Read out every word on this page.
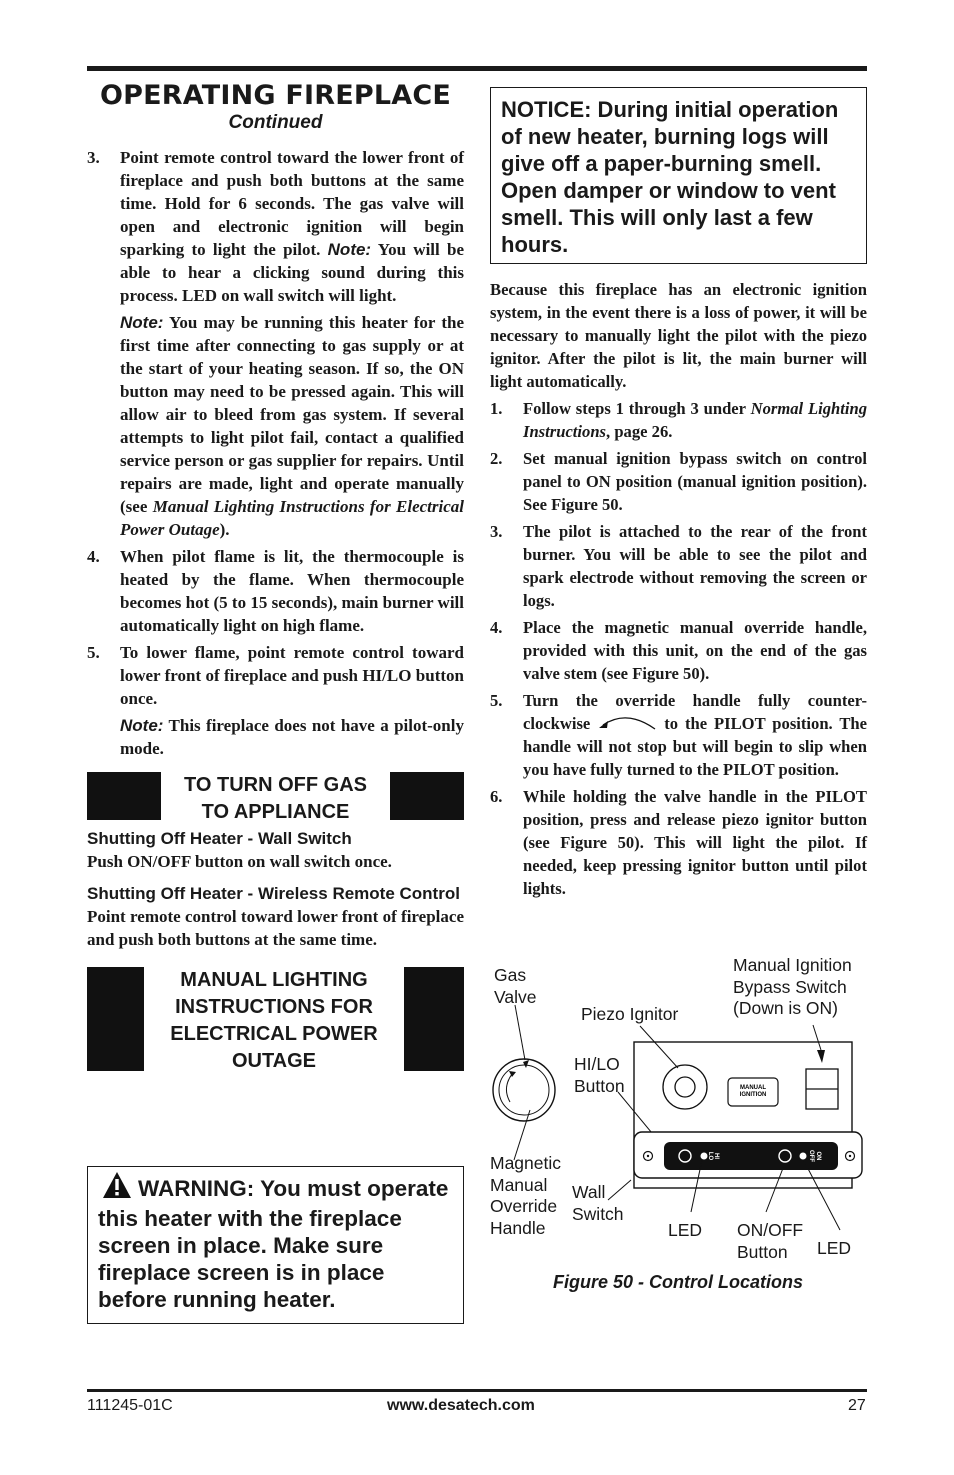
OPERATING FIREPLACE
Continued
3. Point remote control toward the lower front of fireplace and push both buttons at the same time. Hold for 6 seconds. The gas valve will open and electronic ignition will begin sparking to light the pilot. Note: You will be able to hear a clicking sound during this process. LED on wall switch will light.

Note: You may be running this heater for the first time after connecting to gas supply or at the start of your heating season. If so, the ON button may need to be pressed again. This will allow air to bleed from gas system. If several attempts to light pilot fail, contact a qualified service person or gas supplier for repairs. Until repairs are made, light and operate manually (see Manual Lighting Instructions for Electrical Power Outage).

4. When pilot flame is lit, the thermocouple is heated by the flame. When thermocouple becomes hot (5 to 15 seconds), main burner will automatically light on high flame.

5. To lower flame, point remote control toward lower front of fireplace and push HI/LO button once.

Note: This fireplace does not have a pilot-only mode.

TO TURN OFF GAS
TO APPLIANCE
Shutting Off Heater - Wall Switch
Push ON/OFF button on wall switch once.
Shutting Off Heater - Wireless Remote Control
Point remote control toward lower front of fireplace and push both buttons at the same time.
MANUAL LIGHTING
INSTRUCTIONS FOR
ELECTRICAL POWER
OUTAGE
WARNING: You must operate this heater with the fireplace screen in place. Make sure fireplace screen is in place before running heater.
NOTICE: During initial operation of new heater, burning logs will give off a paper-burning smell. Open damper or window to vent smell. This will only last a few hours.
Because this fireplace has an electronic ignition system, in the event there is a loss of power, it will be necessary to manually light the pilot with the piezo ignitor. After the pilot is lit, the main burner will light automatically.
1. Follow steps 1 through 3 under Normal Lighting Instructions, page 26.

2. Set manual ignition bypass switch on control panel to ON position (manual ignition position). See Figure 50.

3. The pilot is attached to the rear of the front burner. You will be able to see the pilot and spark electrode without removing the screen or logs.

4. Place the magnetic manual override handle, provided with this unit, on the end of the gas valve stem (see Figure 50).

5. Turn the override handle fully counter-clockwise	to the PILOT position. The handle will not stop but will begin to slip when you have fully turned to the PILOT position.

6. While holding the valve handle in the PILOT position, press and release piezo ignitor button (see Figure 50). This will light the pilot. If needed, keep pressing ignitor button until pilot lights.

MANUAL
IGNITION
HI
LO	ON
OFF
Gas Valve
Piezo Ignitor
Manual Ignition Bypass Switch (Down is ON)
HI/LO Button
Magnetic Manual Override Handle
Wall Switch
LED ON/OFF Button	LED
Figure 50 - Control Locations
111245-01C	www.desatech.com	27
